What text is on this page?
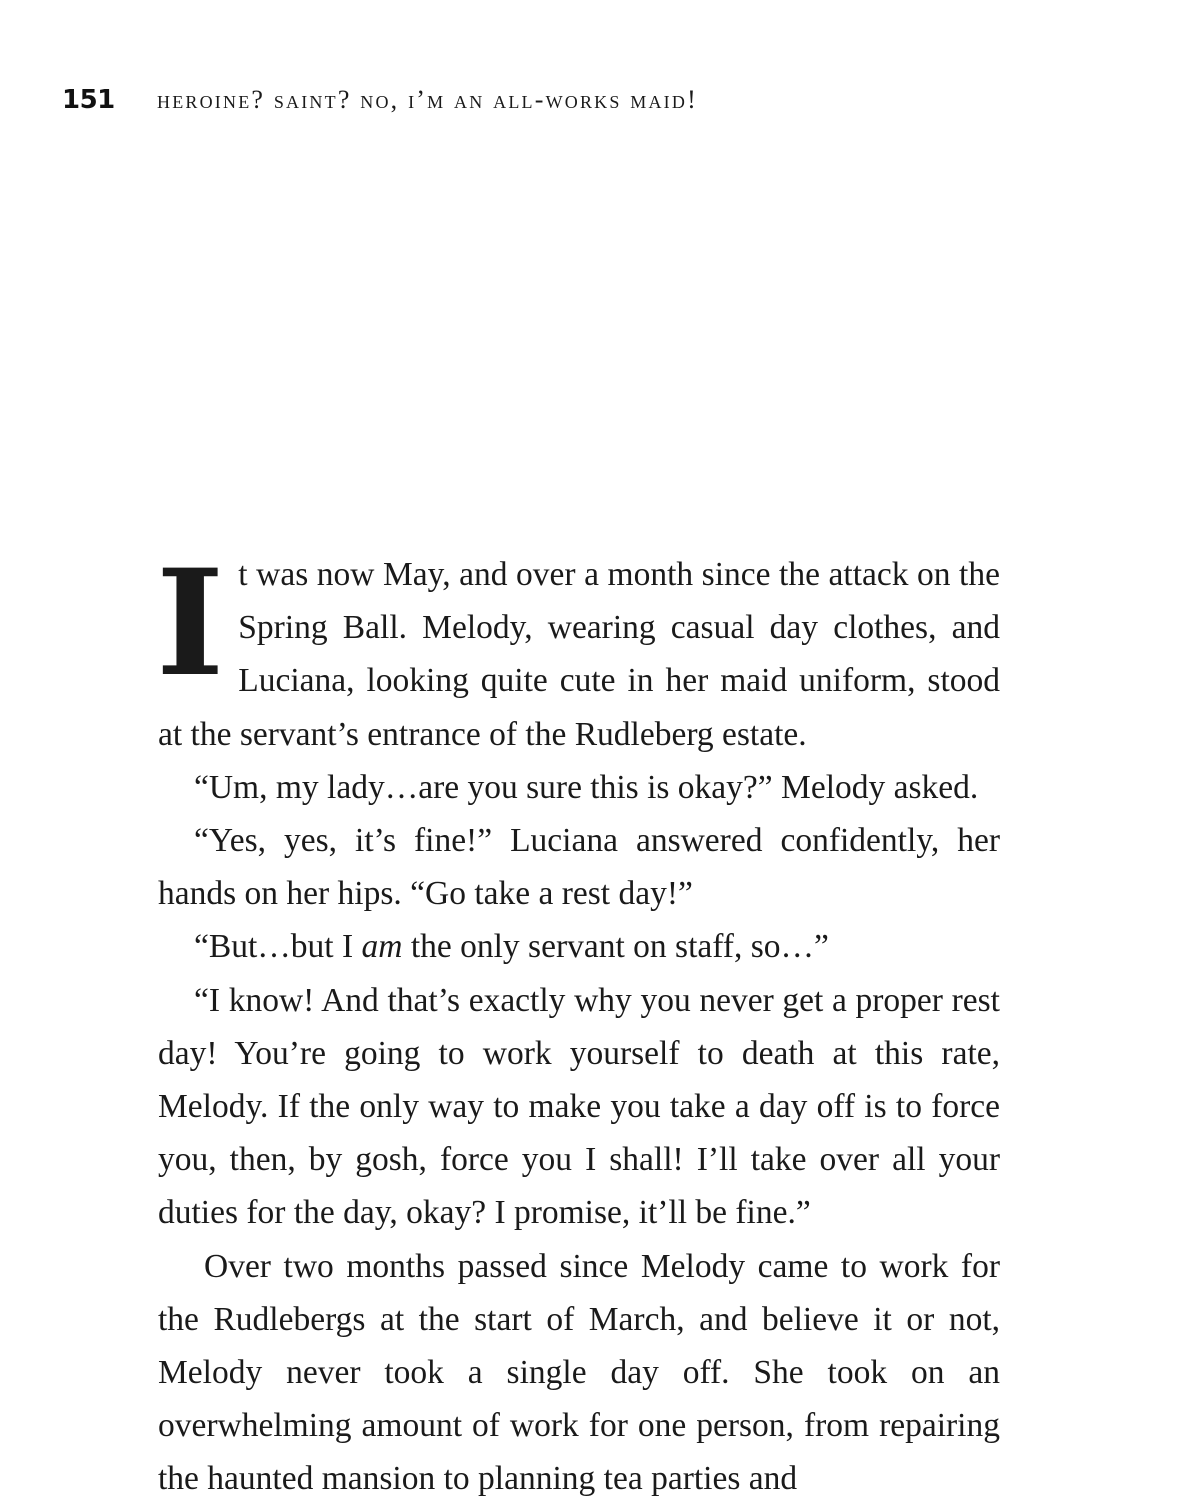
151	heroine? saint? no, i’m an all-works maid!

It was now May, and over a month since the attack on the Spring Ball. Melody, wearing casual day clothes, and Luciana, looking quite cute in her maid uniform, stood at the servant’s entrance of the Rudleberg estate.

“Um, my lady…are you sure this is okay?” Melody asked.

“Yes, yes, it’s fine!” Luciana answered confidently, her hands on her hips. “Go take a rest day!”

“But…but I am the only servant on staff, so…”

“I know! And that’s exactly why you never get a proper rest day! You’re going to work yourself to death at this rate, Melody. If the only way to make you take a day off is to force you, then, by gosh, force you I shall! I’ll take over all your duties for the day, okay? I promise, it’ll be fine.”

Over two months passed since Melody came to work for the Rudlebergs at the start of March, and believe it or not, Melody never took a single day off. She took on an overwhelming amount of work for one person, from repairing the haunted mansion to planning tea parties and
